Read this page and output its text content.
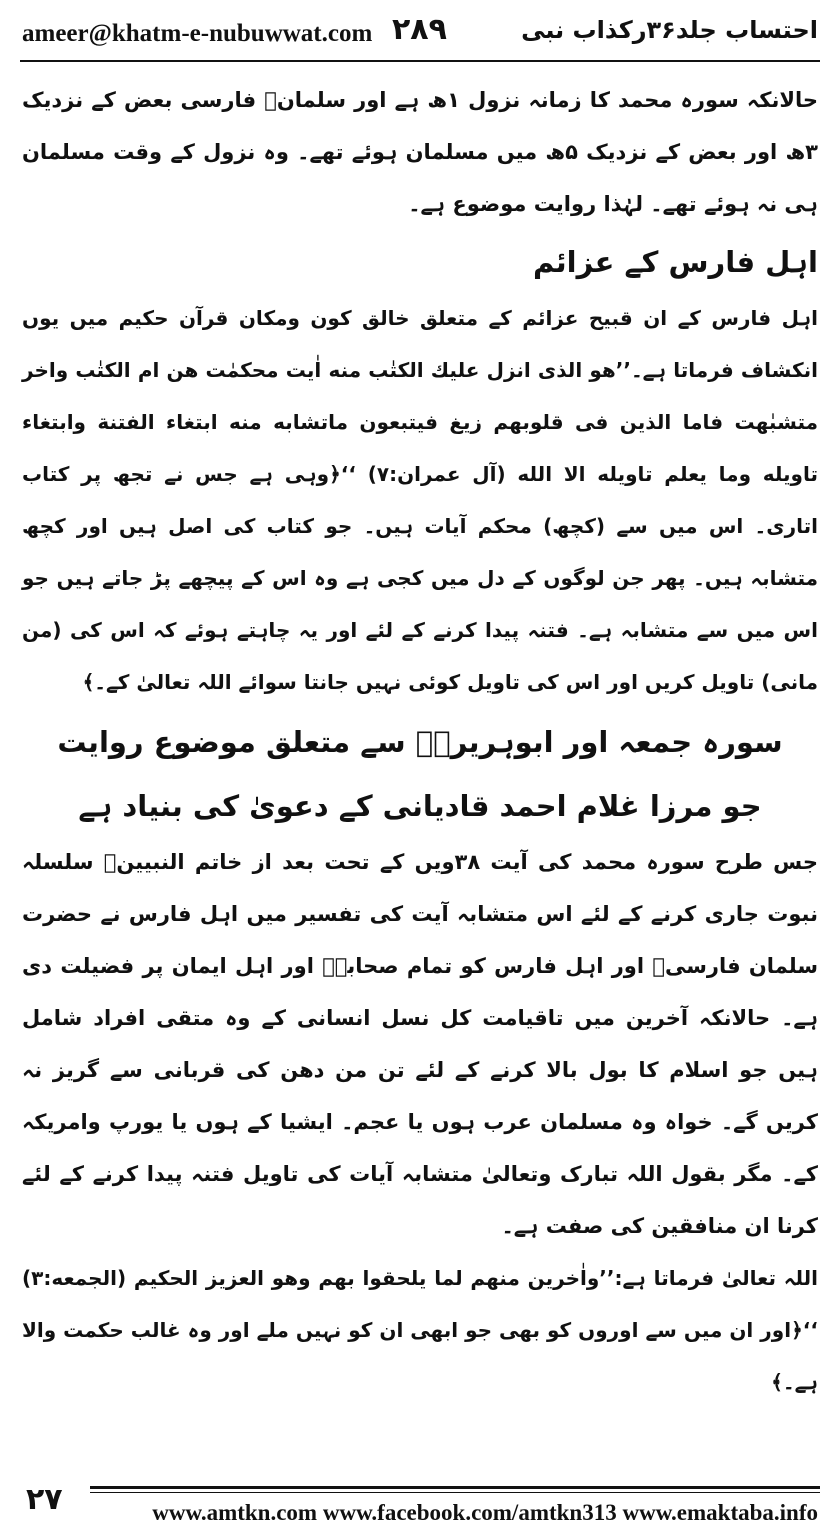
ameer@khatm-e-nubuwwat.com ۲۸۹	احتساب جلد۳۶رکذاب نبی

حالانکہ سورہ محمد کا زمانہ نزول ۱ھ ہے اور سلمانؓ فارسی بعض کے نزدیک ۳ھ اور بعض کے نزدیک ۵ھ میں مسلمان ہوئے تھے۔ وہ نزول کے وقت مسلمان ہی نہ ہوئے تھے۔ لہٰذا روایت موضوع ہے۔

اہل فارس کے عزائم

اہل فارس کے ان قبیح عزائم کے متعلق خالق کون ومکان قرآن حکیم میں یوں انکشاف فرماتا ہے۔’’هو الذی انزل علیك الكتٰب منه اٰيت محكمٰت هن ام الكتٰب واخر متشبٰهت فاما الذین فی قلوبهم زیغ فیتبعون ماتشابه منه ابتغاء الفتنة وابتغاء تاویله وما یعلم تاویله الا الله (آل عمران:۷) ‘‘﴿وہی ہے جس نے تجھ پر کتاب اتاری۔ اس میں سے (کچھ) محکم آیات ہیں۔ جو کتاب کی اصل ہیں اور کچھ متشابہ ہیں۔ پھر جن لوگوں کے دل میں کجی ہے وہ اس کے پیچھے پڑ جاتے ہیں جو اس میں سے متشابہ ہے۔ فتنہ پیدا کرنے کے لئے اور یہ چاہتے ہوئے کہ اس کی (من مانی) تاویل کریں اور اس کی تاویل کوئی نہیں جانتا سوائے اللہ تعالیٰ کے۔﴾

سورہ جمعہ اور ابوہریرہؓ سے متعلق موضوع روایت
جو مرزا غلام احمد قادیانی کے دعویٰ کی بنیاد ہے

جس طرح سورہ محمد کی آیت ۳۸ویں کے تحت بعد از خاتم النبیینﷺ سلسلہ نبوت جاری کرنے کے لئے اس متشابہ آیت کی تفسیر میں اہل فارس نے حضرت سلمان فارسیؓ اور اہل فارس کو تمام صحابہؓ اور اہل ایمان پر فضیلت دی ہے۔ حالانکہ آخرین میں تاقیامت کل نسل انسانی کے وہ متقی افراد شامل ہیں جو اسلام کا بول بالا کرنے کے لئے تن من دھن کی قربانی سے گریز نہ کریں گے۔ خواہ وہ مسلمان عرب ہوں یا عجم۔ ایشیا کے ہوں یا یورپ وامریکہ کے۔ مگر بقول اللہ تبارک وتعالیٰ متشابہ آیات کی تاویل فتنہ پیدا کرنے کے لئے کرنا ان منافقین کی صفت ہے۔

اللہ تعالیٰ فرماتا ہے:’’واٰخرین منهم لما یلحقوا بهم وهو العزیز الحكیم (الجمعه:۳) ‘‘﴿اور ان میں سے اوروں کو بھی جو ابھی ان کو نہیں ملے اور وہ غالب حکمت والا ہے۔﴾

۲۷	www.amtkn.com www.facebook.com/amtkn313 www.emaktaba.info
